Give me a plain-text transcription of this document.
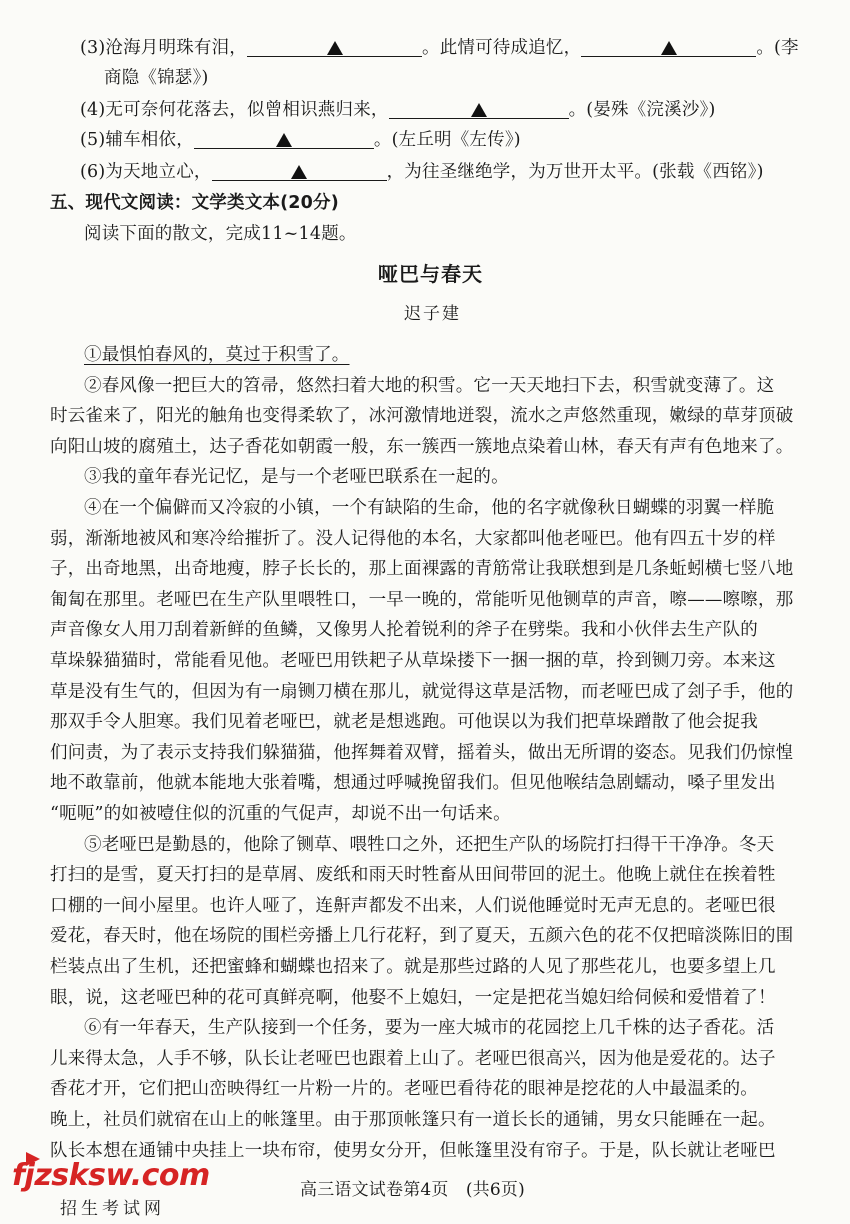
(3)沧海月明珠有泪，	。此情可待成追忆，	。(李
商隐《锦瑟》)
(4)无可奈何花落去，似曾相识燕归来，	。(晏殊《浣溪沙》)
(5)辅车相依，	。(左丘明《左传》)
(6)为天地立心，	，为往圣继绝学，为万世开太平。(张载《西铭》)
五、现代文阅读：文学类文本(20分)
阅读下面的散文，完成11~14题。
哑巴与春天
迟子建
①最惧怕春风的，莫过于积雪了。
②春风像一把巨大的笤帚，悠然扫着大地的积雪。它一天天地扫下去，积雪就变薄了。这
时云雀来了，阳光的触角也变得柔软了，冰河激情地迸裂，流水之声悠然重现，嫩绿的草芽顶破
向阳山坡的腐殖土，达子香花如朝霞一般，东一簇西一簇地点染着山林，春天有声有色地来了。
③我的童年春光记忆，是与一个老哑巴联系在一起的。
④在一个偏僻而又冷寂的小镇，一个有缺陷的生命，他的名字就像秋日蝴蝶的羽翼一样脆
弱，渐渐地被风和寒冷给摧折了。没人记得他的本名，大家都叫他老哑巴。他有四五十岁的样
子，出奇地黑，出奇地瘦，脖子长长的，那上面裸露的青筋常让我联想到是几条蚯蚓横七竖八地
匍匐在那里。老哑巴在生产队里喂牲口，一早一晚的，常能听见他铡草的声音，嚓——嚓嚓，那
声音像女人用刀刮着新鲜的鱼鳞，又像男人抡着锐利的斧子在劈柴。我和小伙伴去生产队的
草垛躲猫猫时，常能看见他。老哑巴用铁耙子从草垛搂下一捆一捆的草，拎到铡刀旁。本来这
草是没有生气的，但因为有一扇铡刀横在那儿，就觉得这草是活物，而老哑巴成了刽子手，他的
那双手令人胆寒。我们见着老哑巴，就老是想逃跑。可他误以为我们把草垛蹭散了他会捉我
们问责，为了表示支持我们躲猫猫，他挥舞着双臂，摇着头，做出无所谓的姿态。见我们仍惊惶
地不敢靠前，他就本能地大张着嘴，想通过呼喊挽留我们。但见他喉结急剧蠕动，嗓子里发出
“呃呃”的如被噎住似的沉重的气促声，却说不出一句话来。
⑤老哑巴是勤恳的，他除了铡草、喂牲口之外，还把生产队的场院打扫得干干净净。冬天
打扫的是雪，夏天打扫的是草屑、废纸和雨天时牲畜从田间带回的泥土。他晚上就住在挨着牲
口棚的一间小屋里。也许人哑了，连鼾声都发不出来，人们说他睡觉时无声无息的。老哑巴很
爱花，春天时，他在场院的围栏旁播上几行花籽，到了夏天，五颜六色的花不仅把暗淡陈旧的围
栏装点出了生机，还把蜜蜂和蝴蝶也招来了。就是那些过路的人见了那些花儿，也要多望上几
眼，说，这老哑巴种的花可真鲜亮啊，他娶不上媳妇，一定是把花当媳妇给伺候和爱惜着了！
⑥有一年春天，生产队接到一个任务，要为一座大城市的花园挖上几千株的达子香花。活
儿来得太急，人手不够，队长让老哑巴也跟着上山了。老哑巴很高兴，因为他是爱花的。达子
香花才开，它们把山峦映得红一片粉一片的。老哑巴看待花的眼神是挖花的人中最温柔的。
晚上，社员们就宿在山上的帐篷里。由于那顶帐篷只有一道长长的通铺，男女只能睡在一起。
队长本想在通铺中央挂上一块布帘，使男女分开，但帐篷里没有帘子。于是，队长就让老哑巴
fjzsksw.com
招生考试网
高三语文试卷第4页　(共6页)
